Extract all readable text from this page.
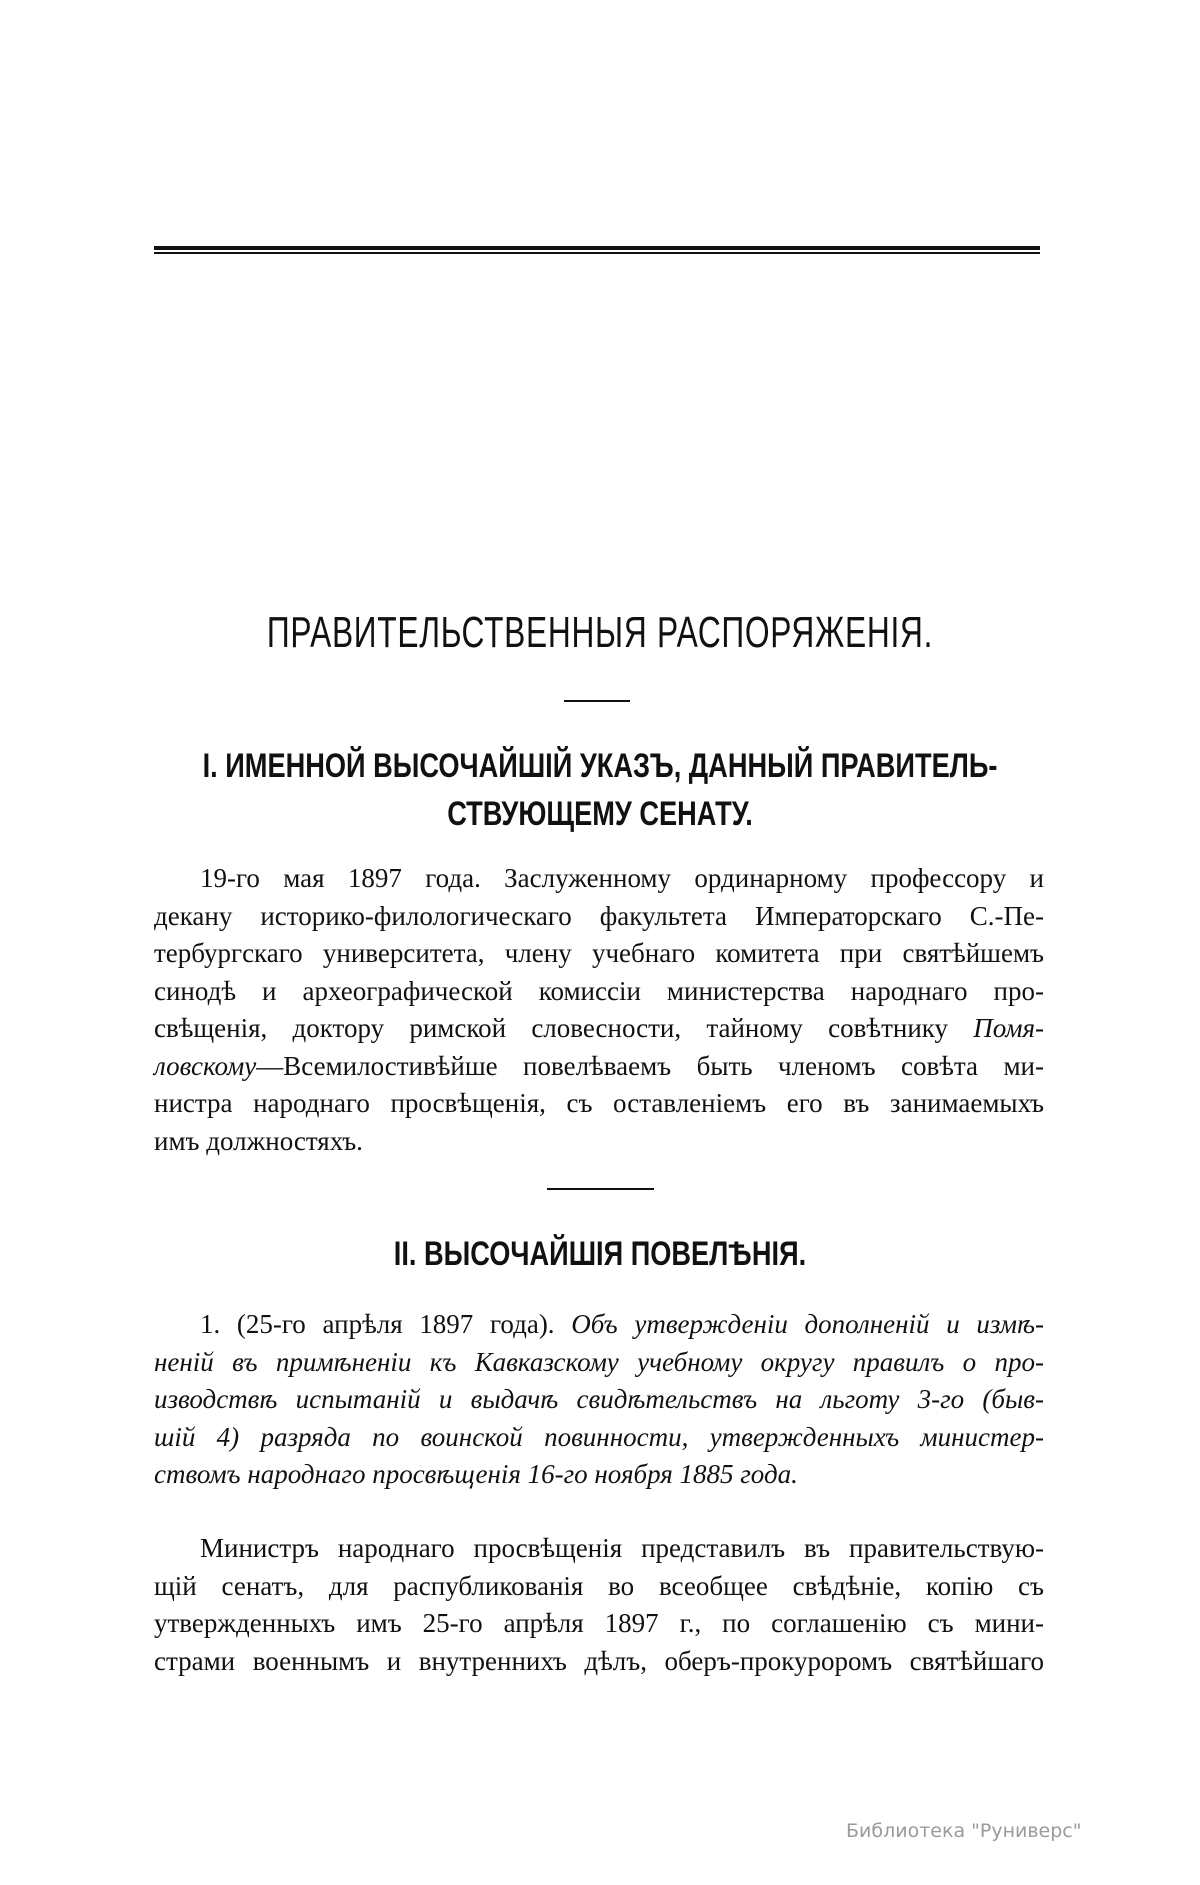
ПРАВИТЕЛЬСТВЕННЫЯ РАСПОРЯЖЕНІЯ.
I. ИМЕННОЙ ВЫСОЧАЙШІЙ УКАЗЪ, ДАННЫЙ ПРАВИТЕЛЬ-
СТВУЮЩЕМУ СЕНАТУ.
19-го мая 1897 года. Заслуженному ординарному профессору и
декану историко-филологическаго факультета Императорскаго С.-Пе-
тербургскаго университета, члену учебнаго комитета при святѣйшемъ
синодѣ и археографической комиссіи министерства народнаго про-
свѣщенія, доктору римской словесности, тайному совѣтнику Помя-
ловскому—Всемилостивѣйше повелѣваемъ быть членомъ совѣта ми-
нистра народнаго просвѣщенія, съ оставленіемъ его въ занимаемыхъ
имъ должностяхъ.
II. ВЫСОЧАЙШІЯ ПОВЕЛѢНІЯ.
1. (25-го апрѣля 1897 года). Объ утвержденіи дополненій и измѣ-
неній въ примѣненіи къ Кавказскому учебному округу правилъ о про-
изводствѣ испытаній и выдачѣ свидѣтельствъ на льготу 3-го (быв-
шій 4) разряда по воинской повинности, утвержденныхъ министер-
ствомъ народнаго просвѣщенія 16-го ноября 1885 года.
Министръ народнаго просвѣщенія представилъ въ правительствую-
щій сенатъ, для распубликованія во всеобщее свѣдѣніе, копію съ
утвержденныхъ имъ 25-го апрѣля 1897 г., по соглашенію съ мини-
страми военнымъ и внутреннихъ дѣлъ, оберъ-прокуроромъ святѣйшаго
Библиотека "Руниверс"
